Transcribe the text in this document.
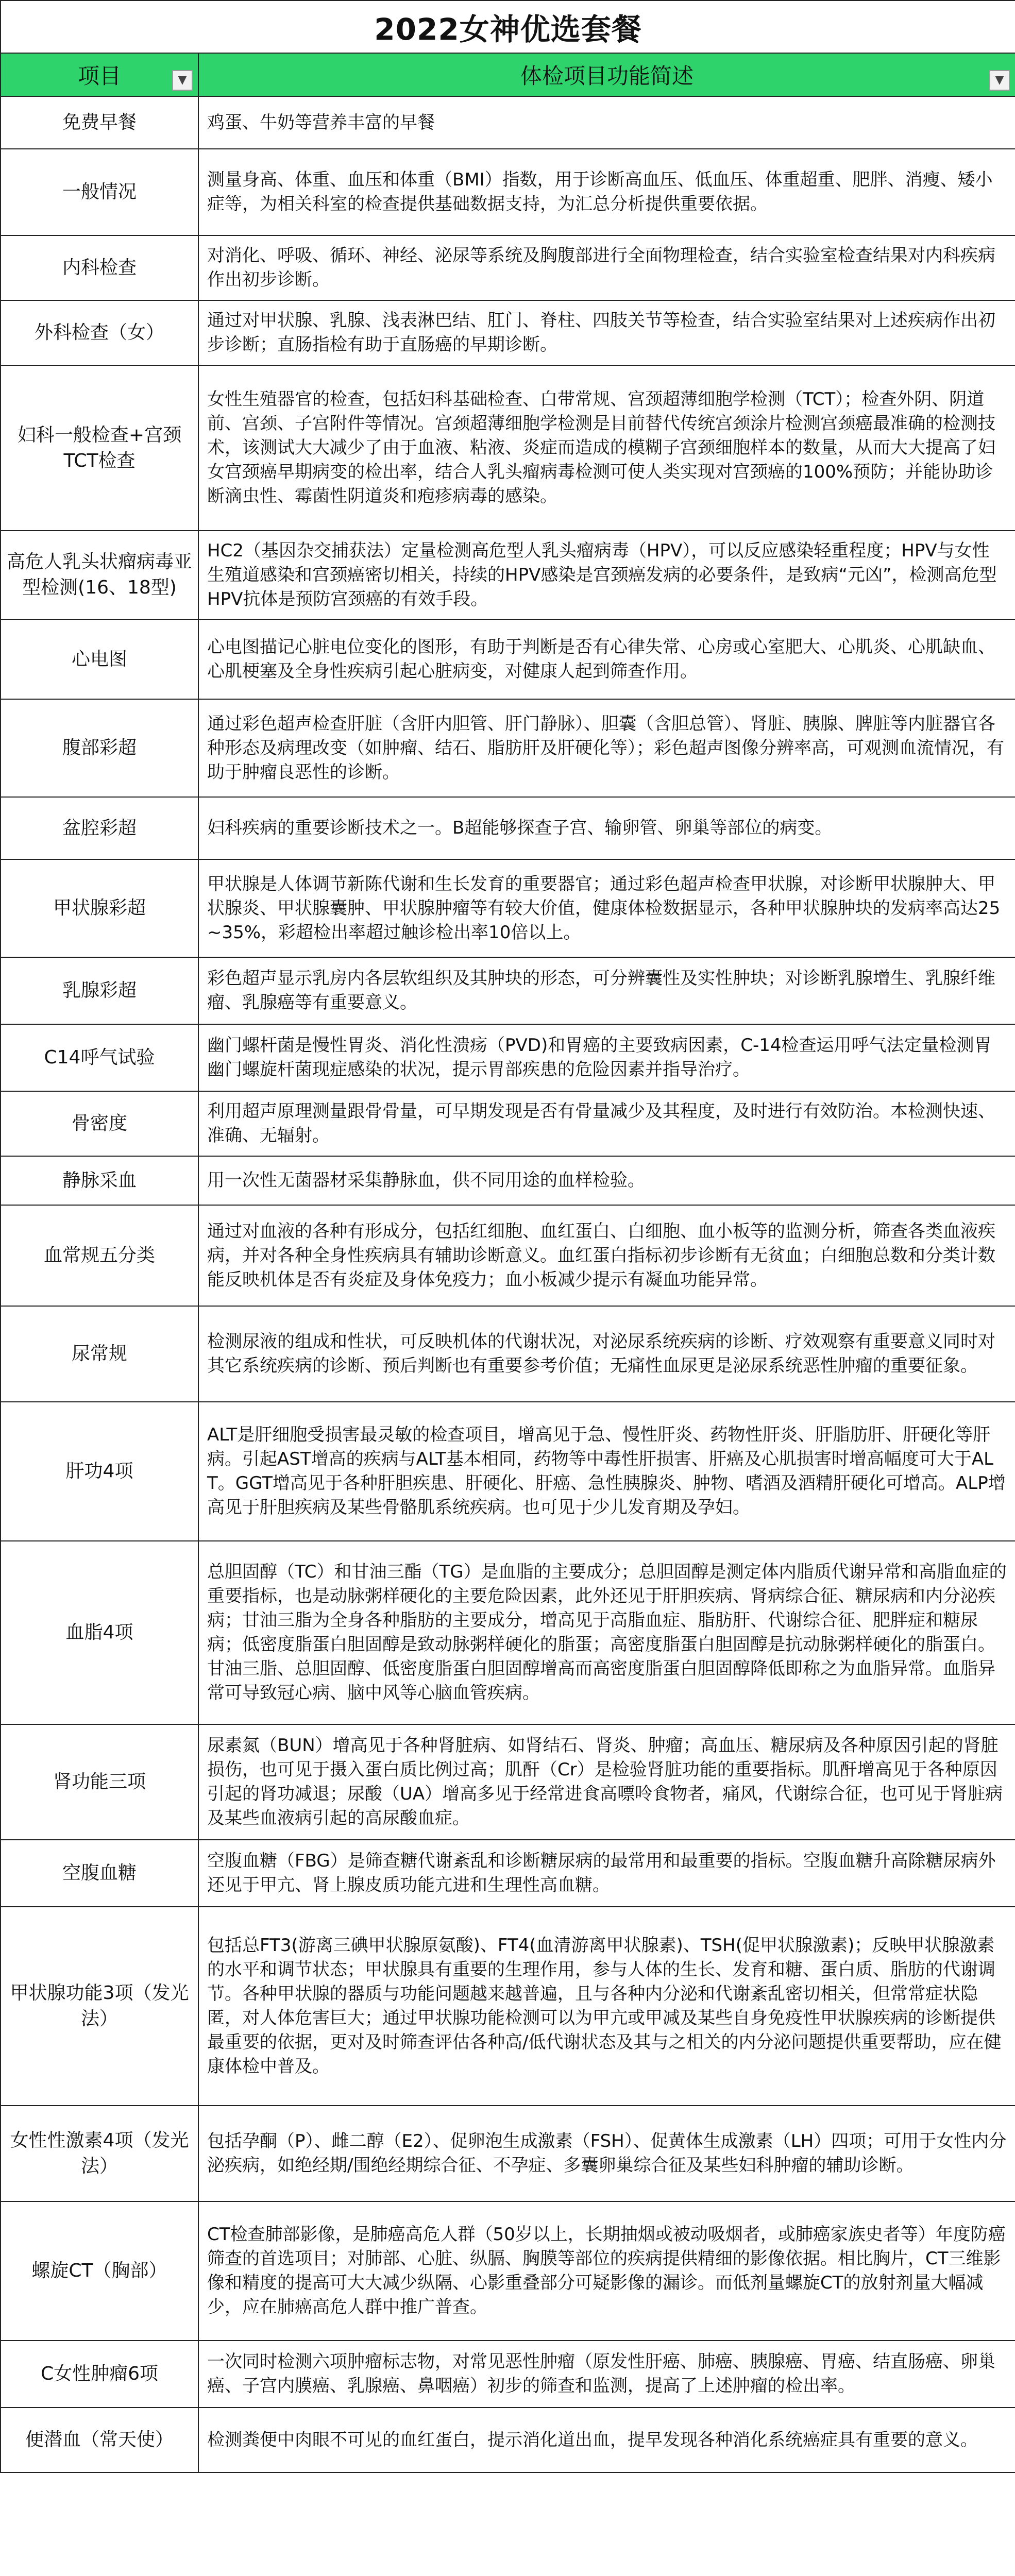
2022女神优选套餐	
项目 ▼	体检项目功能简述 ▼

免费早餐	鸡蛋、牛奶等营养丰富的早餐
一般情况	测量身高、体重、血压和体重（BMI）指数，用于诊断高血压、低血压、体重超重、肥胖、消瘦、矮小症等，为相关科室的检查提供基础数据支持，为汇总分析提供重要依据。
内科检查	对消化、呼吸、循环、神经、泌尿等系统及胸腹部进行全面物理检查，结合实验室检查结果对内科疾病作出初步诊断。
外科检查（女）	通过对甲状腺、乳腺、浅表淋巴结、肛门、脊柱、四肢关节等检查，结合实验室结果对上述疾病作出初步诊断；直肠指检有助于直肠癌的早期诊断。
妇科一般检查+宫颈TCT检查	女性生殖器官的检查，包括妇科基础检查、白带常规、宫颈超薄细胞学检测（TCT）；检查外阴、阴道前、宫颈、子宫附件等情况。宫颈超薄细胞学检测是目前替代传统宫颈涂片检测宫颈癌最准确的检测技术，该测试大大减少了由于血液、粘液、炎症而造成的模糊子宫颈细胞样本的数量，从而大大提高了妇女宫颈癌早期病变的检出率，结合人乳头瘤病毒检测可使人类实现对宫颈癌的100%预防；并能协助诊断滴虫性、霉菌性阴道炎和疱疹病毒的感染。
高危人乳头状瘤病毒亚型检测(16、18型)	HC2（基因杂交捕获法）定量检测高危型人乳头瘤病毒（HPV），可以反应感染轻重程度；HPV与女性生殖道感染和宫颈癌密切相关，持续的HPV感染是宫颈癌发病的必要条件，是致病“元凶”，检测高危型HPV抗体是预防宫颈癌的有效手段。
心电图	心电图描记心脏电位变化的图形，有助于判断是否有心律失常、心房或心室肥大、心肌炎、心肌缺血、心肌梗塞及全身性疾病引起心脏病变，对健康人起到筛查作用。
腹部彩超	通过彩色超声检查肝脏（含肝内胆管、肝门静脉）、胆囊（含胆总管）、肾脏、胰腺、脾脏等内脏器官各种形态及病理改变（如肿瘤、结石、脂肪肝及肝硬化等）；彩色超声图像分辨率高，可观测血流情况，有助于肿瘤良恶性的诊断。
盆腔彩超	妇科疾病的重要诊断技术之一。B超能够探查子宫、输卵管、卵巢等部位的病变。
甲状腺彩超	甲状腺是人体调节新陈代谢和生长发育的重要器官；通过彩色超声检查甲状腺，对诊断甲状腺肿大、甲状腺炎、甲状腺囊肿、甲状腺肿瘤等有较大价值，健康体检数据显示，各种甲状腺肿块的发病率高达25~35%，彩超检出率超过触诊检出率10倍以上。
乳腺彩超	彩色超声显示乳房内各层软组织及其肿块的形态，可分辨囊性及实性肿块；对诊断乳腺增生、乳腺纤维瘤、乳腺癌等有重要意义。
C14呼气试验	幽门螺杆菌是慢性胃炎、消化性溃疡（PVD)和胃癌的主要致病因素，C-14检查运用呼气法定量检测胃幽门螺旋杆菌现症感染的状况，提示胃部疾患的危险因素并指导治疗。
骨密度	利用超声原理测量跟骨骨量，可早期发现是否有骨量减少及其程度，及时进行有效防治。本检测快速、准确、无辐射。
静脉采血	用一次性无菌器材采集静脉血，供不同用途的血样检验。
血常规五分类	通过对血液的各种有形成分，包括红细胞、血红蛋白、白细胞、血小板等的监测分析，筛查各类血液疾病，并对各种全身性疾病具有辅助诊断意义。血红蛋白指标初步诊断有无贫血；白细胞总数和分类计数能反映机体是否有炎症及身体免疫力；血小板减少提示有凝血功能异常。
尿常规	检测尿液的组成和性状，可反映机体的代谢状况，对泌尿系统疾病的诊断、疗效观察有重要意义同时对其它系统疾病的诊断、预后判断也有重要参考价值；无痛性血尿更是泌尿系统恶性肿瘤的重要征象。
肝功4项	ALT是肝细胞受损害最灵敏的检查项目，增高见于急、慢性肝炎、药物性肝炎、肝脂肪肝、肝硬化等肝病。引起AST增高的疾病与ALT基本相同，药物等中毒性肝损害、肝癌及心肌损害时增高幅度可大于ALT。GGT增高见于各种肝胆疾患、肝硬化、肝癌、急性胰腺炎、肿物、嗜酒及酒精肝硬化可增高。ALP增高见于肝胆疾病及某些骨骼肌系统疾病。也可见于少儿发育期及孕妇。
血脂4项	总胆固醇（TC）和甘油三酯（TG）是血脂的主要成分；总胆固醇是测定体内脂质代谢异常和高脂血症的重要指标，也是动脉粥样硬化的主要危险因素，此外还见于肝胆疾病、肾病综合征、糖尿病和内分泌疾病；甘油三脂为全身各种脂肪的主要成分，增高见于高脂血症、脂肪肝、代谢综合征、肥胖症和糖尿病；低密度脂蛋白胆固醇是致动脉粥样硬化的脂蛋；高密度脂蛋白胆固醇是抗动脉粥样硬化的脂蛋白。甘油三脂、总胆固醇、低密度脂蛋白胆固醇增高而高密度脂蛋白胆固醇降低即称之为血脂异常。血脂异常可导致冠心病、脑中风等心脑血管疾病。
肾功能三项	尿素氮（BUN）增高见于各种肾脏病、如肾结石、肾炎、肿瘤；高血压、糖尿病及各种原因引起的肾脏损伤，也可见于摄入蛋白质比例过高；肌酐（Cr）是检验肾脏功能的重要指标。肌酐增高见于各种原因引起的肾功减退；尿酸（UA）增高多见于经常进食高嘌呤食物者，痛风，代谢综合征，也可见于肾脏病及某些血液病引起的高尿酸血症。
空腹血糖	空腹血糖（FBG）是筛查糖代谢紊乱和诊断糖尿病的最常用和最重要的指标。空腹血糖升高除糖尿病外还见于甲亢、肾上腺皮质功能亢进和生理性高血糖。
甲状腺功能3项（发光法）	包括总FT3(游离三碘甲状腺原氨酸)、FT4(血清游离甲状腺素)、TSH(促甲状腺激素)；反映甲状腺激素的水平和调节状态；甲状腺具有重要的生理作用，参与人体的生长、发育和糖、蛋白质、脂肪的代谢调节。各种甲状腺的器质与功能问题越来越普遍，且与各种内分泌和代谢紊乱密切相关，但常常症状隐匿，对人体危害巨大；通过甲状腺功能检测可以为甲亢或甲减及某些自身免疫性甲状腺疾病的诊断提供最重要的依据，更对及时筛查评估各种高/低代谢状态及其与之相关的内分泌问题提供重要帮助，应在健康体检中普及。
女性性激素4项（发光法）	包括孕酮（P）、雌二醇（E2）、促卵泡生成激素（FSH）、促黄体生成激素（LH）四项；可用于女性内分泌疾病，如绝经期/围绝经期综合征、不孕症、多囊卵巢综合征及某些妇科肿瘤的辅助诊断。
螺旋CT（胸部）	CT检查肺部影像，是肺癌高危人群（50岁以上，长期抽烟或被动吸烟者，或肺癌家族史者等）年度防癌筛查的首选项目；对肺部、心脏、纵膈、胸膜等部位的疾病提供精细的影像依据。相比胸片，CT三维影像和精度的提高可大大减少纵隔、心影重叠部分可疑影像的漏诊。而低剂量螺旋CT的放射剂量大幅减少，应在肺癌高危人群中推广普查。
C女性肿瘤6项	一次同时检测六项肿瘤标志物，对常见恶性肿瘤（原发性肝癌、肺癌、胰腺癌、胃癌、结直肠癌、卵巢癌、子宫内膜癌、乳腺癌、鼻咽癌）初步的筛查和监测，提高了上述肿瘤的检出率。
便潜血（常天使）	检测粪便中肉眼不可见的血红蛋白，提示消化道出血，提早发现各种消化系统癌症具有重要的意义。
